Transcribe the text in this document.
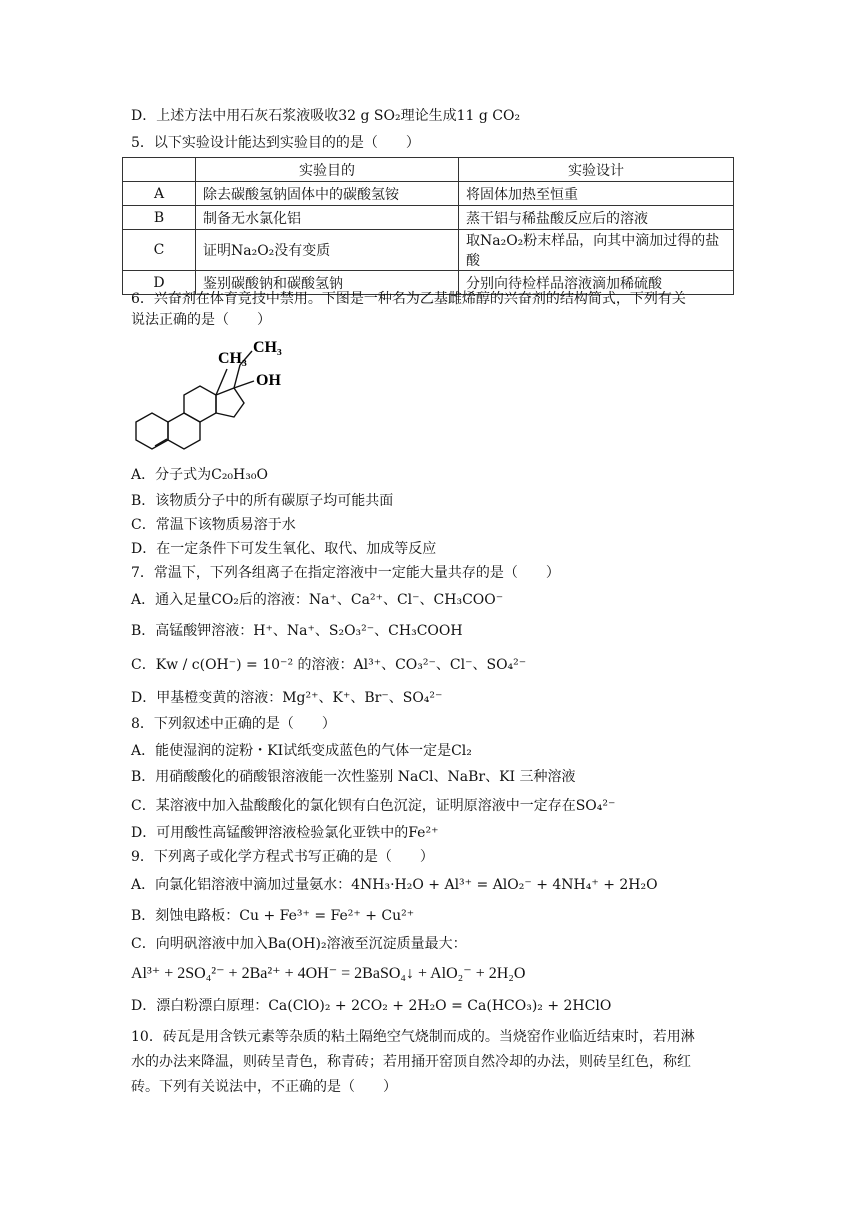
D．上述方法中用石灰石浆液吸收32 g SO₂理论生成11 g CO₂
5．以下实验设计能达到实验目的的是（　　）
	实验目的	实验设计
A	除去碳酸氢钠固体中的碳酸氢铵	将固体加热至恒重
B	制备无水氯化铝	蒸干铝与稀盐酸反应后的溶液
C	证明Na₂O₂没有变质	取Na₂O₂粉末样品，向其中滴加过得的盐酸
D	鉴别碳酸钠和碳酸氢钠	分别向待检样品溶液滴加稀硫酸
6．兴奋剂在体育竞技中禁用。下图是一种名为乙基雌烯醇的兴奋剂的结构简式，下列有关
说法正确的是（　　）
CH₃
CH₃
OH
A．分子式为C₂₀H₃₀O
B．该物质分子中的所有碳原子均可能共面
C．常温下该物质易溶于水
D．在一定条件下可发生氧化、取代、加成等反应
7．常温下，下列各组离子在指定溶液中一定能大量共存的是（　　）
A．通入足量CO₂后的溶液：Na⁺、Ca²⁺、Cl⁻、CH₃COO⁻
B．高锰酸钾溶液：H⁺、Na⁺、S₂O₃²⁻、CH₃COOH
C．Kw / c(OH⁻) = 10⁻² 的溶液：Al³⁺、CO₃²⁻、Cl⁻、SO₄²⁻
D．甲基橙变黄的溶液：Mg²⁺、K⁺、Br⁻、SO₄²⁻
8．下列叙述中正确的是（　　）
A．能使湿润的淀粉・KI试纸变成蓝色的气体一定是Cl₂
B．用硝酸酸化的硝酸银溶液能一次性鉴别 NaCl、NaBr、KI 三种溶液
C．某溶液中加入盐酸酸化的氯化钡有白色沉淀，证明原溶液中一定存在SO₄²⁻
D．可用酸性高锰酸钾溶液检验氯化亚铁中的Fe²⁺
9．下列离子或化学方程式书写正确的是（　　）
A．向氯化铝溶液中滴加过量氨水：4NH₃·H₂O + Al³⁺ = AlO₂⁻ + 4NH₄⁺ + 2H₂O
B．刻蚀电路板：Cu + Fe³⁺ = Fe²⁺ + Cu²⁺
C．向明矾溶液中加入Ba(OH)₂溶液至沉淀质量最大：
Al³⁺ + 2SO₄²⁻ + 2Ba²⁺ + 4OH⁻ = 2BaSO₄↓ + AlO₂⁻ + 2H₂O
D．漂白粉漂白原理：Ca(ClO)₂ + 2CO₂ + 2H₂O = Ca(HCO₃)₂ + 2HClO
10．砖瓦是用含铁元素等杂质的粘土隔绝空气烧制而成的。当烧窑作业临近结束时，若用淋
水的办法来降温，则砖呈青色，称青砖；若用捅开窑顶自然冷却的办法，则砖呈红色，称红
砖。下列有关说法中，不正确的是（　　）
